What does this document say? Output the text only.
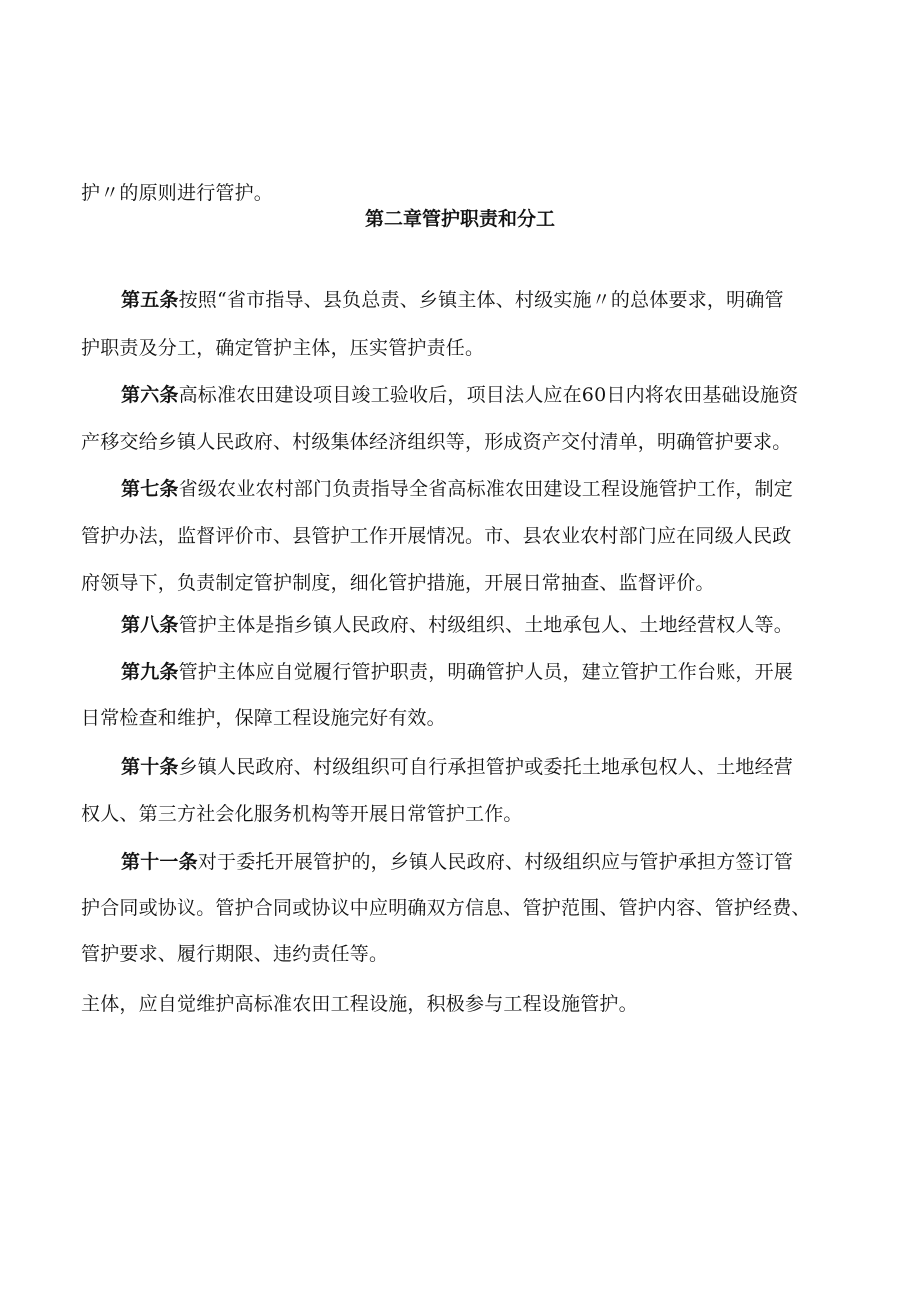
护〃的原则进行管护。
第二章管护职责和分工
第五条按照“省市指导、县负总责、乡镇主体、村级实施〃的总体要求，明确管
护职责及分工，确定管护主体，压实管护责任。
第六条高标准农田建设项目竣工验收后，项目法人应在60日内将农田基础设施资
产移交给乡镇人民政府、村级集体经济组织等，形成资产交付清单，明确管护要求。
第七条省级农业农村部门负责指导全省高标准农田建设工程设施管护工作，制定
管护办法，监督评价市、县管护工作开展情况。市、县农业农村部门应在同级人民政
府领导下，负责制定管护制度，细化管护措施，开展日常抽查、监督评价。
第八条管护主体是指乡镇人民政府、村级组织、土地承包人、土地经营权人等。
第九条管护主体应自觉履行管护职责，明确管护人员，建立管护工作台账，开展
日常检查和维护，保障工程设施完好有效。
第十条乡镇人民政府、村级组织可自行承担管护或委托土地承包权人、土地经营
权人、第三方社会化服务机构等开展日常管护工作。
第十一条对于委托开展管护的，乡镇人民政府、村级组织应与管护承担方签订管
护合同或协议。管护合同或协议中应明确双方信息、管护范围、管护内容、管护经费、
管护要求、履行期限、违约责任等。
主体，应自觉维护高标准农田工程设施，积极参与工程设施管护。
